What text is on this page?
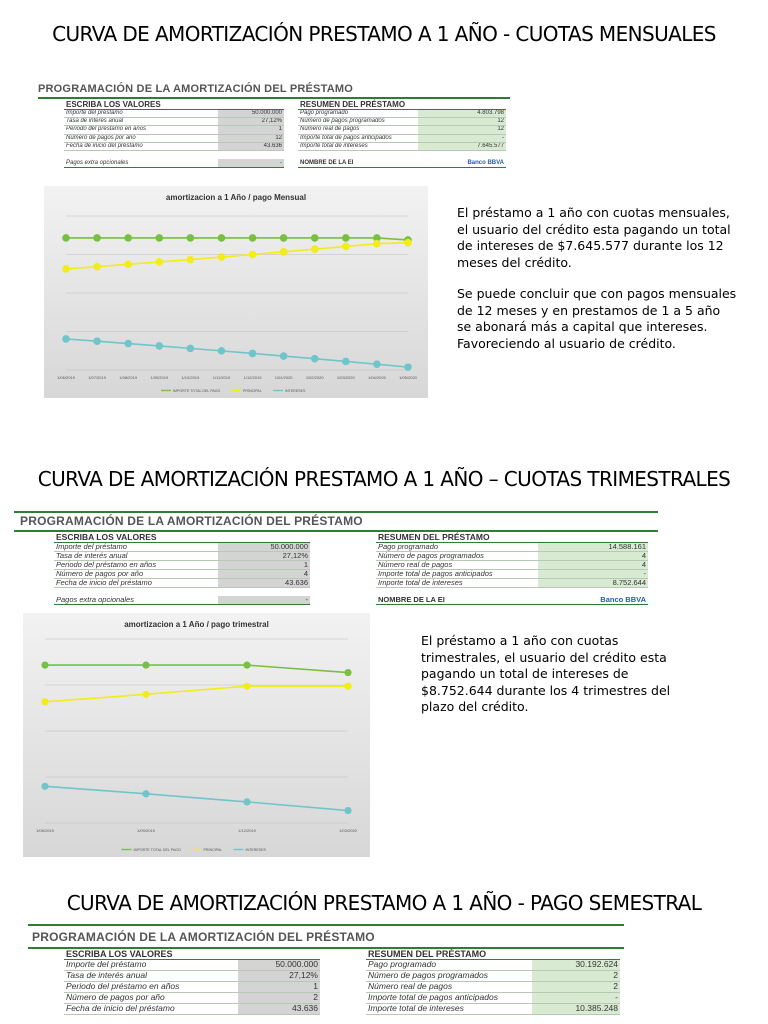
CURVA DE AMORTIZACIÓN PRESTAMO A 1 AÑO - CUOTAS MENSUALES
PROGRAMACIÓN DE LA AMORTIZACIÓN DEL PRÉSTAMO
ESCRIBA LOS VALORES
Importe del préstamo	50.000.000
Tasa de interés anual	27,12%
Periodo del préstamo en años	1
Número de pagos por año	12
Fecha de inicio del préstamo	43.636
Pagos extra opcionales	-
RESUMEN DEL PRÉSTAMO
Pago programado	4.803.798
Número de pagos programados	12
Número real de pagos	12
Importe total de pagos anticipados	-
Importe total de intereses	7.645.577
NOMBRE DE LA EI	Banco BBVA
amortizacion a 1 Año / pago Mensual
1/06/2019	1/07/2019	1/08/2019	1/09/2019	1/10/2019	1/11/2019	1/12/2019	1/01/2020	1/02/2020	1/03/2020	1/04/2020	1/05/2020
IMPORTE TOTAL DEL PAGO	PRINCIPAL	INTERESES

El préstamo a 1 año con cuotas mensuales,
el usuario del crédito esta pagando un total
de intereses de $7.645.577 durante los 12
meses del crédito.

Se puede concluir que con pagos mensuales
de 12 meses y en prestamos de 1 a 5 año
se abonará más a capital que intereses.
Favoreciendo al usuario de crédito.

CURVA DE AMORTIZACIÓN PRESTAMO A 1 AÑO – CUOTAS TRIMESTRALES
PROGRAMACIÓN DE LA AMORTIZACIÓN DEL PRÉSTAMO
ESCRIBA LOS VALORES
Importe del préstamo	50.000.000
Tasa de interés anual	27,12%
Periodo del préstamo en años	1
Número de pagos por año	4
Fecha de inicio del préstamo	43.636
Pagos extra opcionales	-
RESUMEN DEL PRÉSTAMO
Pago programado	14.588.161
Número de pagos programados	4
Número real de pagos	4
Importe total de pagos anticipados	-
Importe total de intereses	8.752.644
NOMBRE DE LA EI	Banco BBVA
amortizacion a 1 Año / pago trimestral
1/06/2019	1/09/2019	1/12/2019	1/03/2020
IMPORTE TOTAL DEL PAGO	PRINCIPAL	INTERESES

El préstamo a 1 año con cuotas
trimestrales, el usuario del crédito esta
pagando un total de intereses de
$8.752.644 durante los 4 trimestres del
plazo del crédito.

CURVA DE AMORTIZACIÓN PRESTAMO A 1 AÑO - PAGO SEMESTRAL
PROGRAMACIÓN DE LA AMORTIZACIÓN DEL PRÉSTAMO
ESCRIBA LOS VALORES
Importe del préstamo	50.000.000
Tasa de interés anual	27,12%
Periodo del préstamo en años	1
Número de pagos por año	2
Fecha de inicio del préstamo	43.636
RESUMEN DEL PRÉSTAMO
Pago programado	30.192.624
Número de pagos programados	2
Número real de pagos	2
Importe total de pagos anticipados	-
Importe total de intereses	10.385.248
